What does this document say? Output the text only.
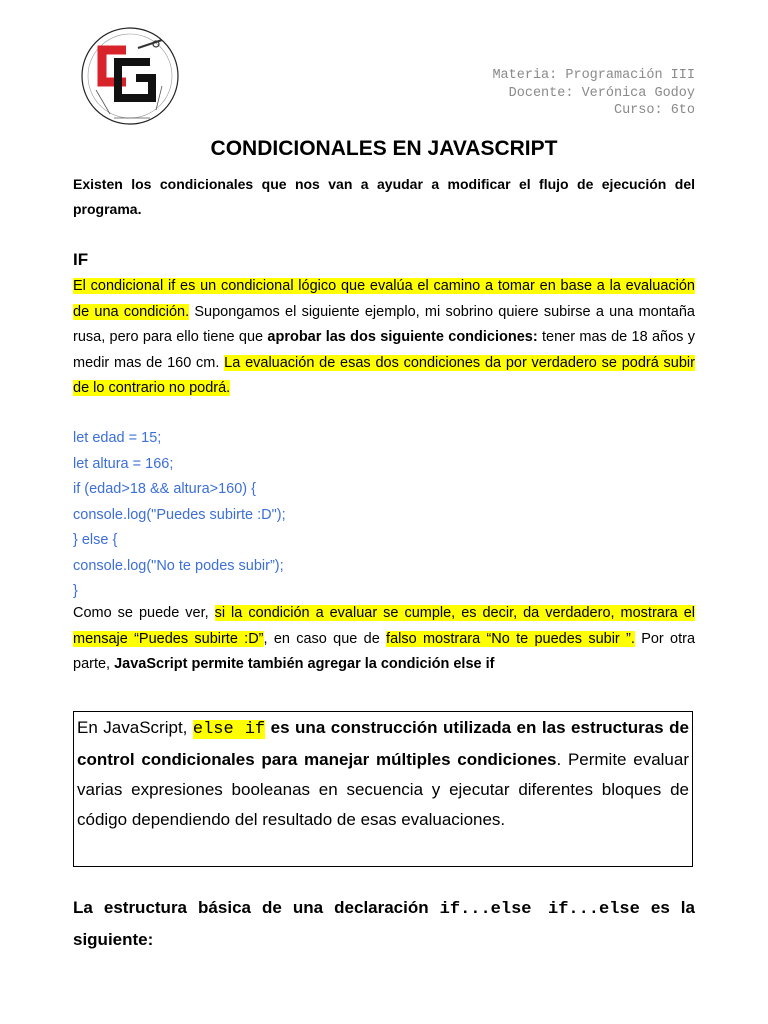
Materia: Programación III
Docente: Verónica Godoy
Curso: 6to
CONDICIONALES EN JAVASCRIPT
Existen los condicionales que nos van a ayudar a modificar el flujo de ejecución del programa.
IF
El condicional if es un condicional lógico que evalúa el camino a tomar en base a la evaluación de una condición. Supongamos el siguiente ejemplo, mi sobrino quiere subirse a una montaña rusa, pero para ello tiene que aprobar las dos siguiente condiciones: tener mas de 18 años y medir mas de 160 cm. La evaluación de esas dos condiciones da por verdadero se podrá subir de lo contrario no podrá.
let edad = 15;
let altura = 166;
if (edad>18 && altura>160) {
console.log("Puedes subirte :D");
} else {
console.log("No te podes subir”);
}
Como se puede ver, si la condición a evaluar se cumple, es decir, da verdadero, mostrara el mensaje “Puedes subirte :D”, en caso que de falso mostrara “No te puedes subir ”. Por otra parte, JavaScript permite también agregar la condición else if
En JavaScript, else if es una construcción utilizada en las estructuras de control condicionales para manejar múltiples condiciones. Permite evaluar varias expresiones booleanas en secuencia y ejecutar diferentes bloques de código dependiendo del resultado de esas evaluaciones.
La estructura básica de una declaración if...else if...else es la siguiente:
